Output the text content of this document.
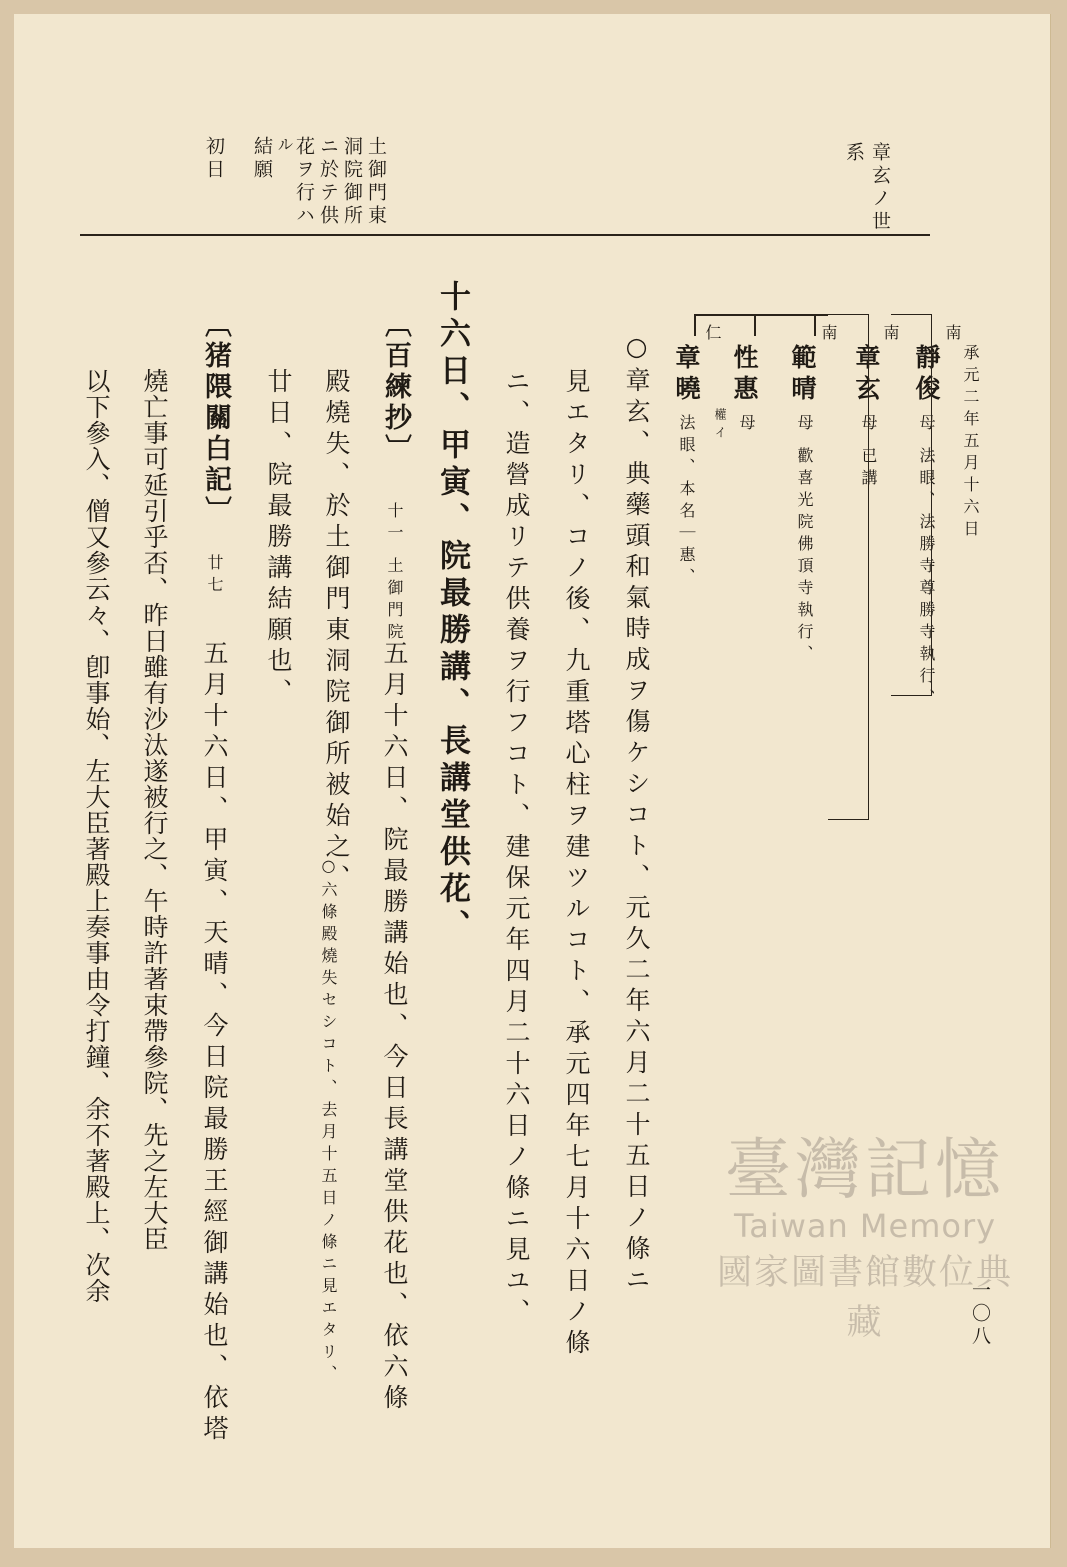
章玄ノ世
系
土御門東
洞院御所
ニ於テ供
花ヲ行ハ
ル
結願
初日
承元二年五月十六日
南
靜俊
母 法眼、法勝寺尊勝寺執行、
南
章玄
母 已講
南
範晴
母 歡喜光院佛頂寺執行、
性惠
母
權イ
仁
章曉
法眼、本名｜惠、
○章玄、典藥頭和氣時成ヲ傷ケシコト、元久二年六月二十五日ノ條ニ
見エタリ、コノ後、九重塔心柱ヲ建ツルコト、承元四年七月十六日ノ條
ニ、造營成リテ供養ヲ行フコト、建保元年四月二十六日ノ條ニ見ユ、
十六日、甲寅、院最勝講、長講堂供花、
〔百練抄〕
十一 土御門院
五月十六日、院最勝講始也、今日長講堂供花也、依六條
殿燒失、於土御門東洞院御所被始之、
○六條殿燒失セシコト、去月十五日ノ條ニ見エタリ、
廿日、院最勝講結願也、
〔猪隈關白記〕
廿七
五月十六日、甲寅、天晴、今日院最勝王經御講始也、依塔
燒亡事可延引乎否、昨日雖有沙汰遂被行之、午時許著束帶參院、先之左大臣
以下參入、僧又參云々、卽事始、左大臣著殿上奏事由令打鐘、余不著殿上、次余
一〇八
臺灣記憶
Taiwan Memory
國家圖書館數位典藏
